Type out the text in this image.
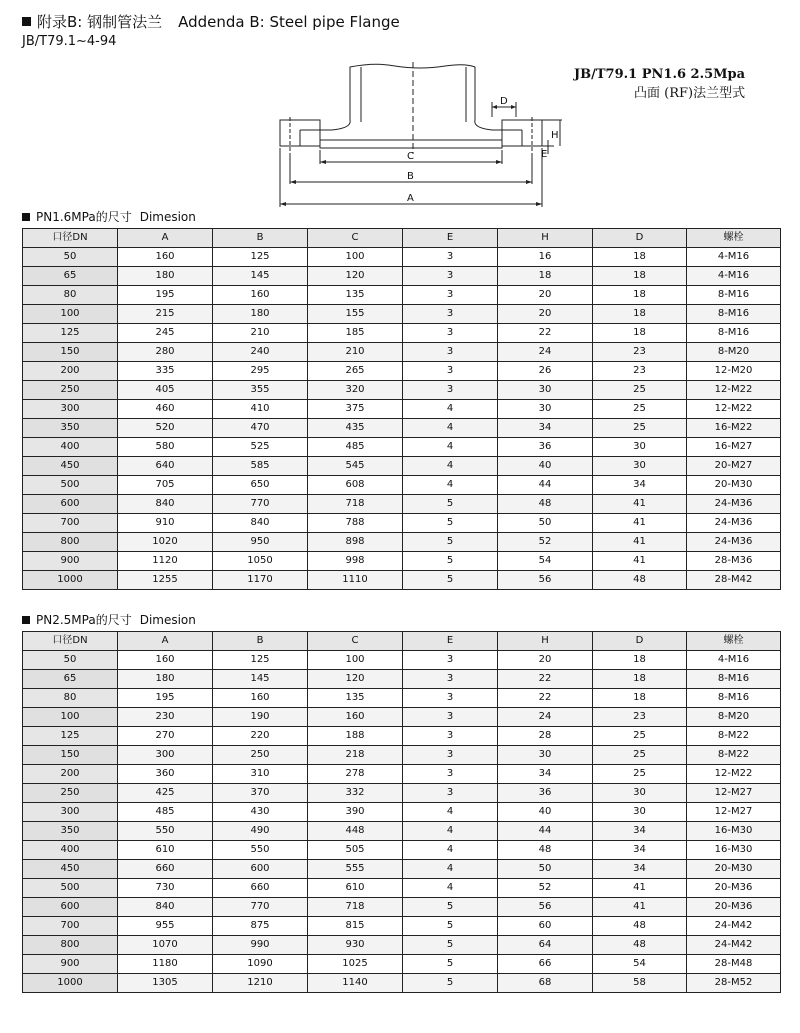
附录B: 钢制管法兰 Addenda B: Steel pipe Flange
JB/T79.1~4-94
C
B
A
D
H
E
JB/T79.1 PN1.6 2.5Mpa
凸面 (RF)法兰型式
PN1.6MPa的尺寸 Dimesion
口径DN	A	B	C	E	H	D	螺栓
50	160	125	100	3	16	18	4-M16
65	180	145	120	3	18	18	4-M16
80	195	160	135	3	20	18	8-M16
100	215	180	155	3	20	18	8-M16
125	245	210	185	3	22	18	8-M16
150	280	240	210	3	24	23	8-M20
200	335	295	265	3	26	23	12-M20
250	405	355	320	3	30	25	12-M22
300	460	410	375	4	30	25	12-M22
350	520	470	435	4	34	25	16-M22
400	580	525	485	4	36	30	16-M27
450	640	585	545	4	40	30	20-M27
500	705	650	608	4	44	34	20-M30
600	840	770	718	5	48	41	24-M36
700	910	840	788	5	50	41	24-M36
800	1020	950	898	5	52	41	24-M36
900	1120	1050	998	5	54	41	28-M36
1000	1255	1170	1110	5	56	48	28-M42
PN2.5MPa的尺寸 Dimesion
口径DN	A	B	C	E	H	D	螺栓
50	160	125	100	3	20	18	4-M16
65	180	145	120	3	22	18	8-M16
80	195	160	135	3	22	18	8-M16
100	230	190	160	3	24	23	8-M20
125	270	220	188	3	28	25	8-M22
150	300	250	218	3	30	25	8-M22
200	360	310	278	3	34	25	12-M22
250	425	370	332	3	36	30	12-M27
300	485	430	390	4	40	30	12-M27
350	550	490	448	4	44	34	16-M30
400	610	550	505	4	48	34	16-M30
450	660	600	555	4	50	34	20-M30
500	730	660	610	4	52	41	20-M36
600	840	770	718	5	56	41	20-M36
700	955	875	815	5	60	48	24-M42
800	1070	990	930	5	64	48	24-M42
900	1180	1090	1025	5	66	54	28-M48
1000	1305	1210	1140	5	68	58	28-M52
